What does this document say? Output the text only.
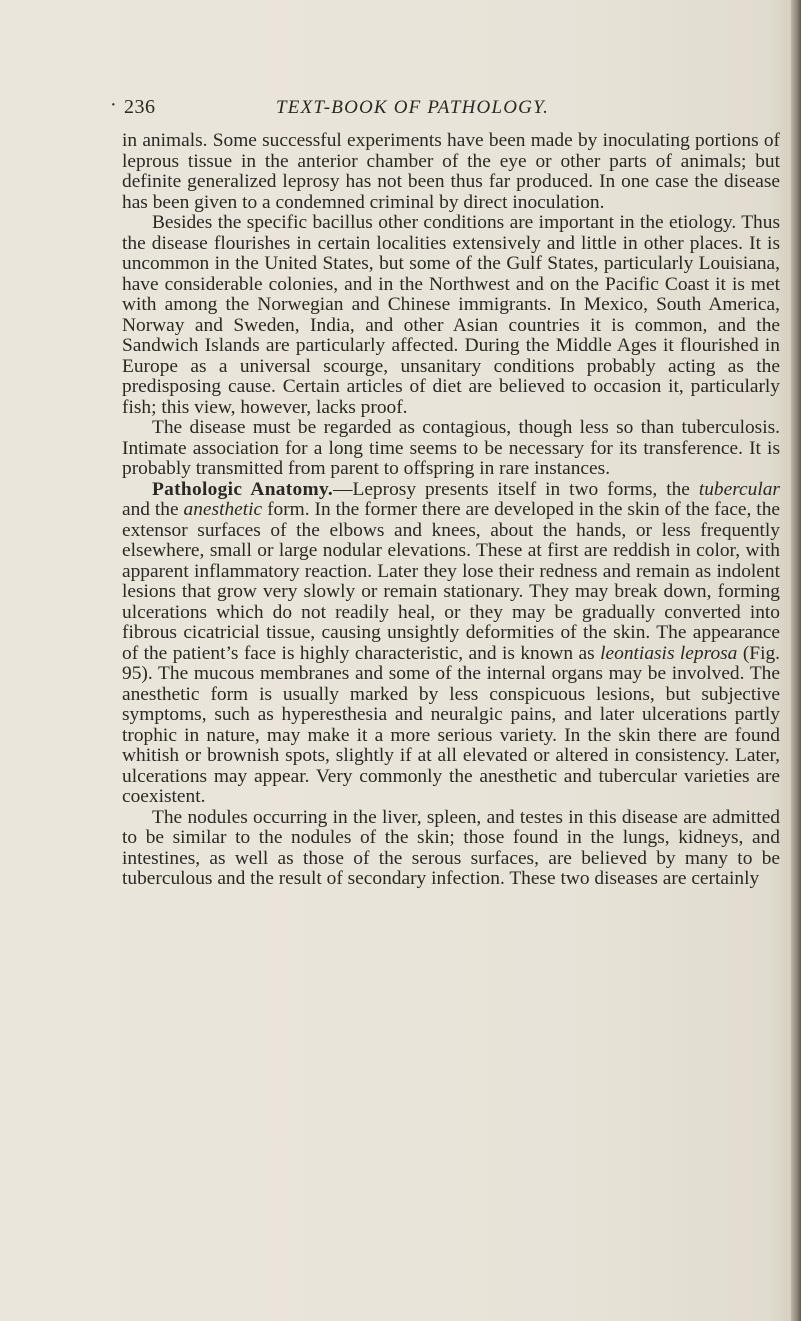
· 236	TEXT-BOOK OF PATHOLOGY.

in animals. Some successful experiments have been made by inoculating portions of leprous tissue in the anterior chamber of the eye or other parts of animals; but definite generalized leprosy has not been thus far produced. In one case the disease has been given to a condemned criminal by direct inoculation.

Besides the specific bacillus other conditions are important in the etiology. Thus the disease flourishes in certain localities extensively and little in other places. It is uncommon in the United States, but some of the Gulf States, particularly Louisiana, have considerable colonies, and in the Northwest and on the Pacific Coast it is met with among the Norwegian and Chinese immigrants. In Mexico, South America, Norway and Sweden, India, and other Asian countries it is common, and the Sandwich Islands are particularly affected. During the Middle Ages it flourished in Europe as a universal scourge, unsanitary conditions probably acting as the predisposing cause. Certain articles of diet are believed to occasion it, particularly fish; this view, however, lacks proof.

The disease must be regarded as contagious, though less so than tuberculosis. Intimate association for a long time seems to be necessary for its transference. It is probably transmitted from parent to offspring in rare instances.

Pathologic Anatomy.—Leprosy presents itself in two forms, the tubercular and the anesthetic form. In the former there are developed in the skin of the face, the extensor surfaces of the elbows and knees, about the hands, or less frequently elsewhere, small or large nodular elevations. These at first are reddish in color, with apparent inflammatory reaction. Later they lose their redness and remain as indolent lesions that grow very slowly or remain stationary. They may break down, forming ulcerations which do not readily heal, or they may be gradually converted into fibrous cicatricial tissue, causing unsightly deformities of the skin. The appearance of the patient’s face is highly characteristic, and is known as leontiasis leprosa (Fig. 95). The mucous membranes and some of the internal organs may be involved. The anesthetic form is usually marked by less conspicuous lesions, but subjective symptoms, such as hyperesthesia and neuralgic pains, and later ulcerations partly trophic in nature, may make it a more serious variety. In the skin there are found whitish or brownish spots, slightly if at all elevated or altered in consistency. Later, ulcerations may appear. Very commonly the anesthetic and tubercular varieties are coexistent.

The nodules occurring in the liver, spleen, and testes in this disease are admitted to be similar to the nodules of the skin; those found in the lungs, kidneys, and intestines, as well as those of the serous surfaces, are believed by many to be tuberculous and the result of secondary infection. These two diseases are certainly
